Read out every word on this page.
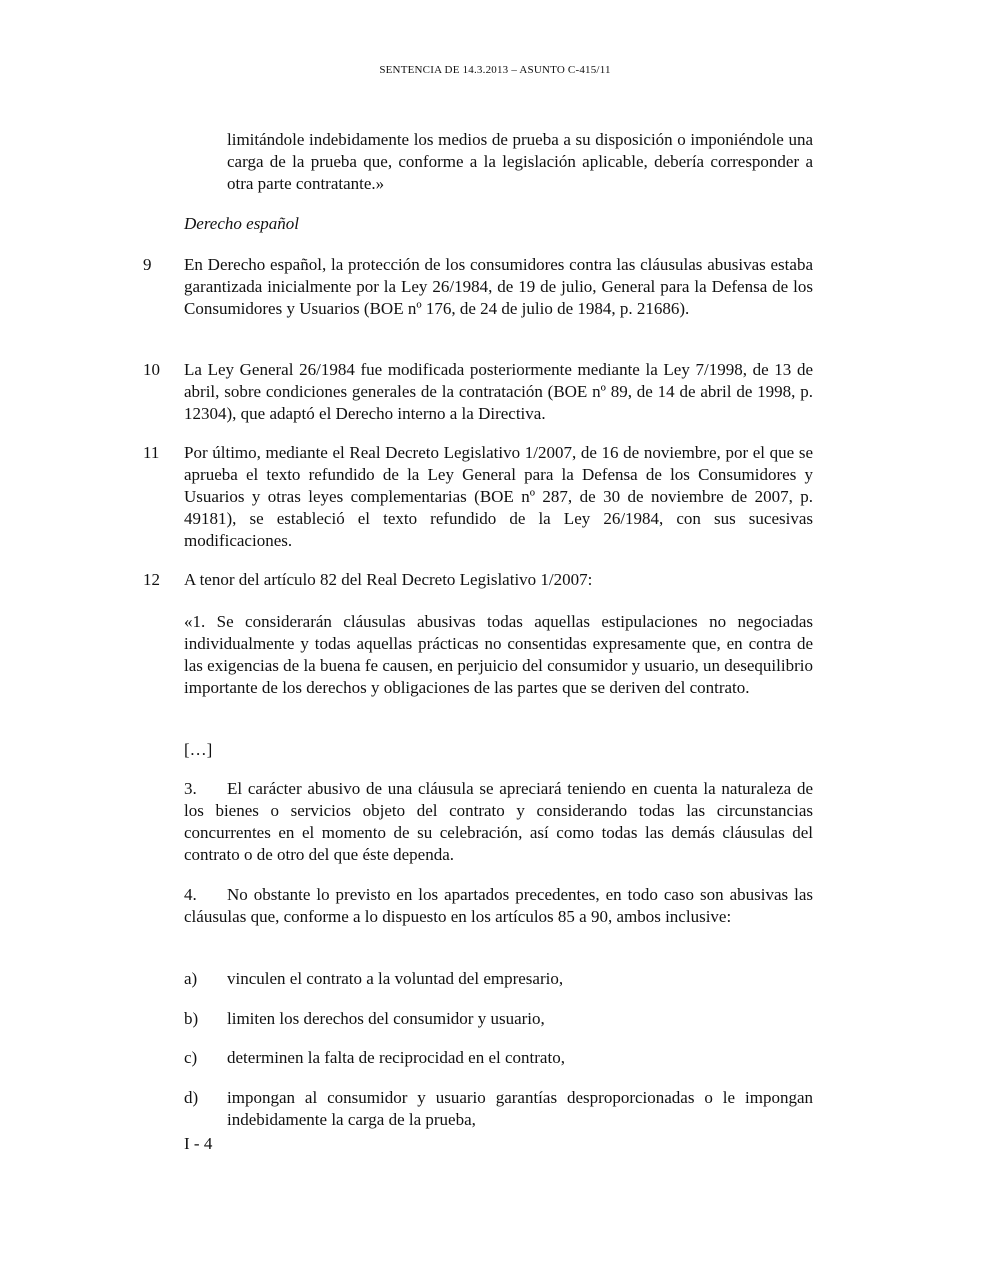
SENTENCIA DE 14.3.2013 – ASUNTO C-415/11
limitándole indebidamente los medios de prueba a su disposición o imponiéndole una carga de la prueba que, conforme a la legislación aplicable, debería corresponder a otra parte contratante.»
Derecho español
9 En Derecho español, la protección de los consumidores contra las cláusulas abusivas estaba garantizada inicialmente por la Ley 26/1984, de 19 de julio, General para la Defensa de los Consumidores y Usuarios (BOE nº 176, de 24 de julio de 1984, p. 21686).
10 La Ley General 26/1984 fue modificada posteriormente mediante la Ley 7/1998, de 13 de abril, sobre condiciones generales de la contratación (BOE nº 89, de 14 de abril de 1998, p. 12304), que adaptó el Derecho interno a la Directiva.
11 Por último, mediante el Real Decreto Legislativo 1/2007, de 16 de noviembre, por el que se aprueba el texto refundido de la Ley General para la Defensa de los Consumidores y Usuarios y otras leyes complementarias (BOE nº 287, de 30 de noviembre de 2007, p. 49181), se estableció el texto refundido de la Ley 26/1984, con sus sucesivas modificaciones.
12 A tenor del artículo 82 del Real Decreto Legislativo 1/2007:
«1. Se considerarán cláusulas abusivas todas aquellas estipulaciones no negociadas individualmente y todas aquellas prácticas no consentidas expresamente que, en contra de las exigencias de la buena fe causen, en perjuicio del consumidor y usuario, un desequilibrio importante de los derechos y obligaciones de las partes que se deriven del contrato.
[…]
3. El carácter abusivo de una cláusula se apreciará teniendo en cuenta la naturaleza de los bienes o servicios objeto del contrato y considerando todas las circunstancias concurrentes en el momento de su celebración, así como todas las demás cláusulas del contrato o de otro del que éste dependa.
4. No obstante lo previsto en los apartados precedentes, en todo caso son abusivas las cláusulas que, conforme a lo dispuesto en los artículos 85 a 90, ambos inclusive:
a) vinculen el contrato a la voluntad del empresario,
b) limiten los derechos del consumidor y usuario,
c) determinen la falta de reciprocidad en el contrato,
d) impongan al consumidor y usuario garantías desproporcionadas o le impongan indebidamente la carga de la prueba,
I - 4
